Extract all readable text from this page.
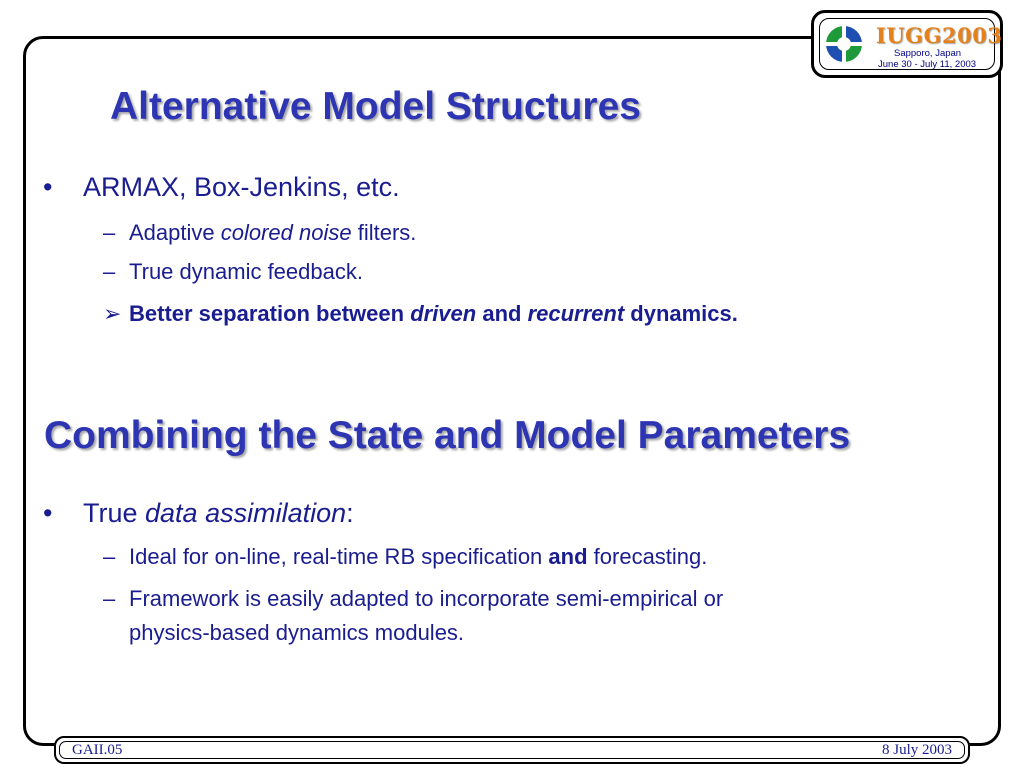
IUGG2003
Sapporo, Japan
June 30 - July 11, 2003
Alternative Model Structures
• ARMAX, Box-Jenkins, etc.
– Adaptive colored noise filters.
– True dynamic feedback.
➢ Better separation between driven and recurrent dynamics.
Combining the State and Model Parameters
• True data assimilation:
– Ideal for on-line, real-time RB specification and forecasting.
– Framework is easily adapted to incorporate semi-empirical or
physics-based dynamics modules.
GAII.05	8 July 2003
